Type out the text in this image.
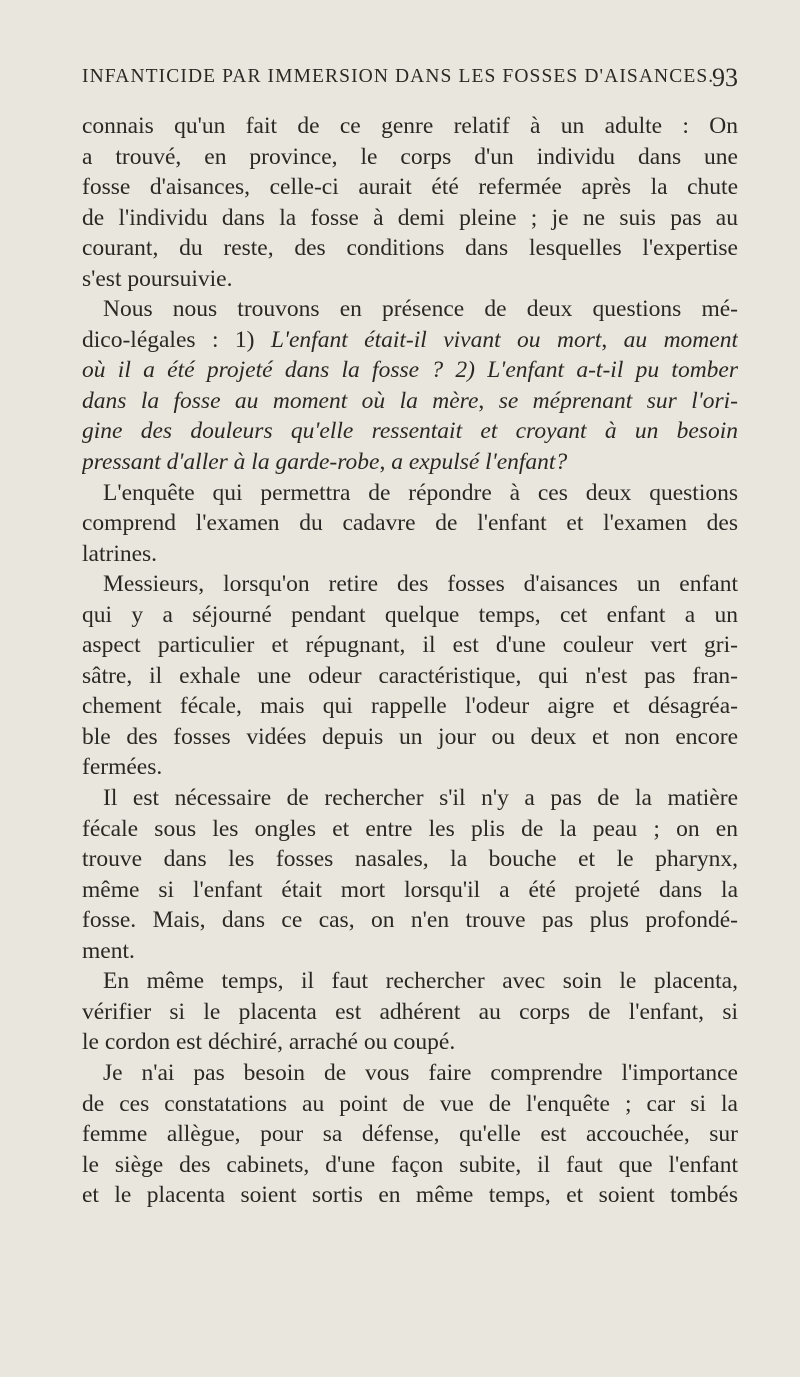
INFANTICIDE PAR IMMERSION DANS LES FOSSES D'AISANCES.
93
connais qu'un fait de ce genre relatif à un adulte : On
a trouvé, en province, le corps d'un individu dans une
fosse d'aisances, celle-ci aurait été refermée après la chute
de l'individu dans la fosse à demi pleine ; je ne suis pas au
courant, du reste, des conditions dans lesquelles l'expertise
s'est poursuivie.
Nous nous trouvons en présence de deux questions mé-
dico-légales : 1) L'enfant était-il vivant ou mort, au moment
où il a été projeté dans la fosse ? 2) L'enfant a-t-il pu tomber
dans la fosse au moment où la mère, se méprenant sur l'ori-
gine des douleurs qu'elle ressentait et croyant à un besoin
pressant d'aller à la garde-robe, a expulsé l'enfant?
L'enquête qui permettra de répondre à ces deux questions
comprend l'examen du cadavre de l'enfant et l'examen des
latrines.
Messieurs, lorsqu'on retire des fosses d'aisances un enfant
qui y a séjourné pendant quelque temps, cet enfant a un
aspect particulier et répugnant, il est d'une couleur vert gri-
sâtre, il exhale une odeur caractéristique, qui n'est pas fran-
chement fécale, mais qui rappelle l'odeur aigre et désagréa-
ble des fosses vidées depuis un jour ou deux et non encore
fermées.
Il est nécessaire de rechercher s'il n'y a pas de la matière
fécale sous les ongles et entre les plis de la peau ; on en
trouve dans les fosses nasales, la bouche et le pharynx,
même si l'enfant était mort lorsqu'il a été projeté dans la
fosse. Mais, dans ce cas, on n'en trouve pas plus profondé-
ment.
En même temps, il faut rechercher avec soin le placenta,
vérifier si le placenta est adhérent au corps de l'enfant, si
le cordon est déchiré, arraché ou coupé.
Je n'ai pas besoin de vous faire comprendre l'importance
de ces constatations au point de vue de l'enquête ; car si la
femme allègue, pour sa défense, qu'elle est accouchée, sur
le siège des cabinets, d'une façon subite, il faut que l'enfant
et le placenta soient sortis en même temps, et soient tombés
